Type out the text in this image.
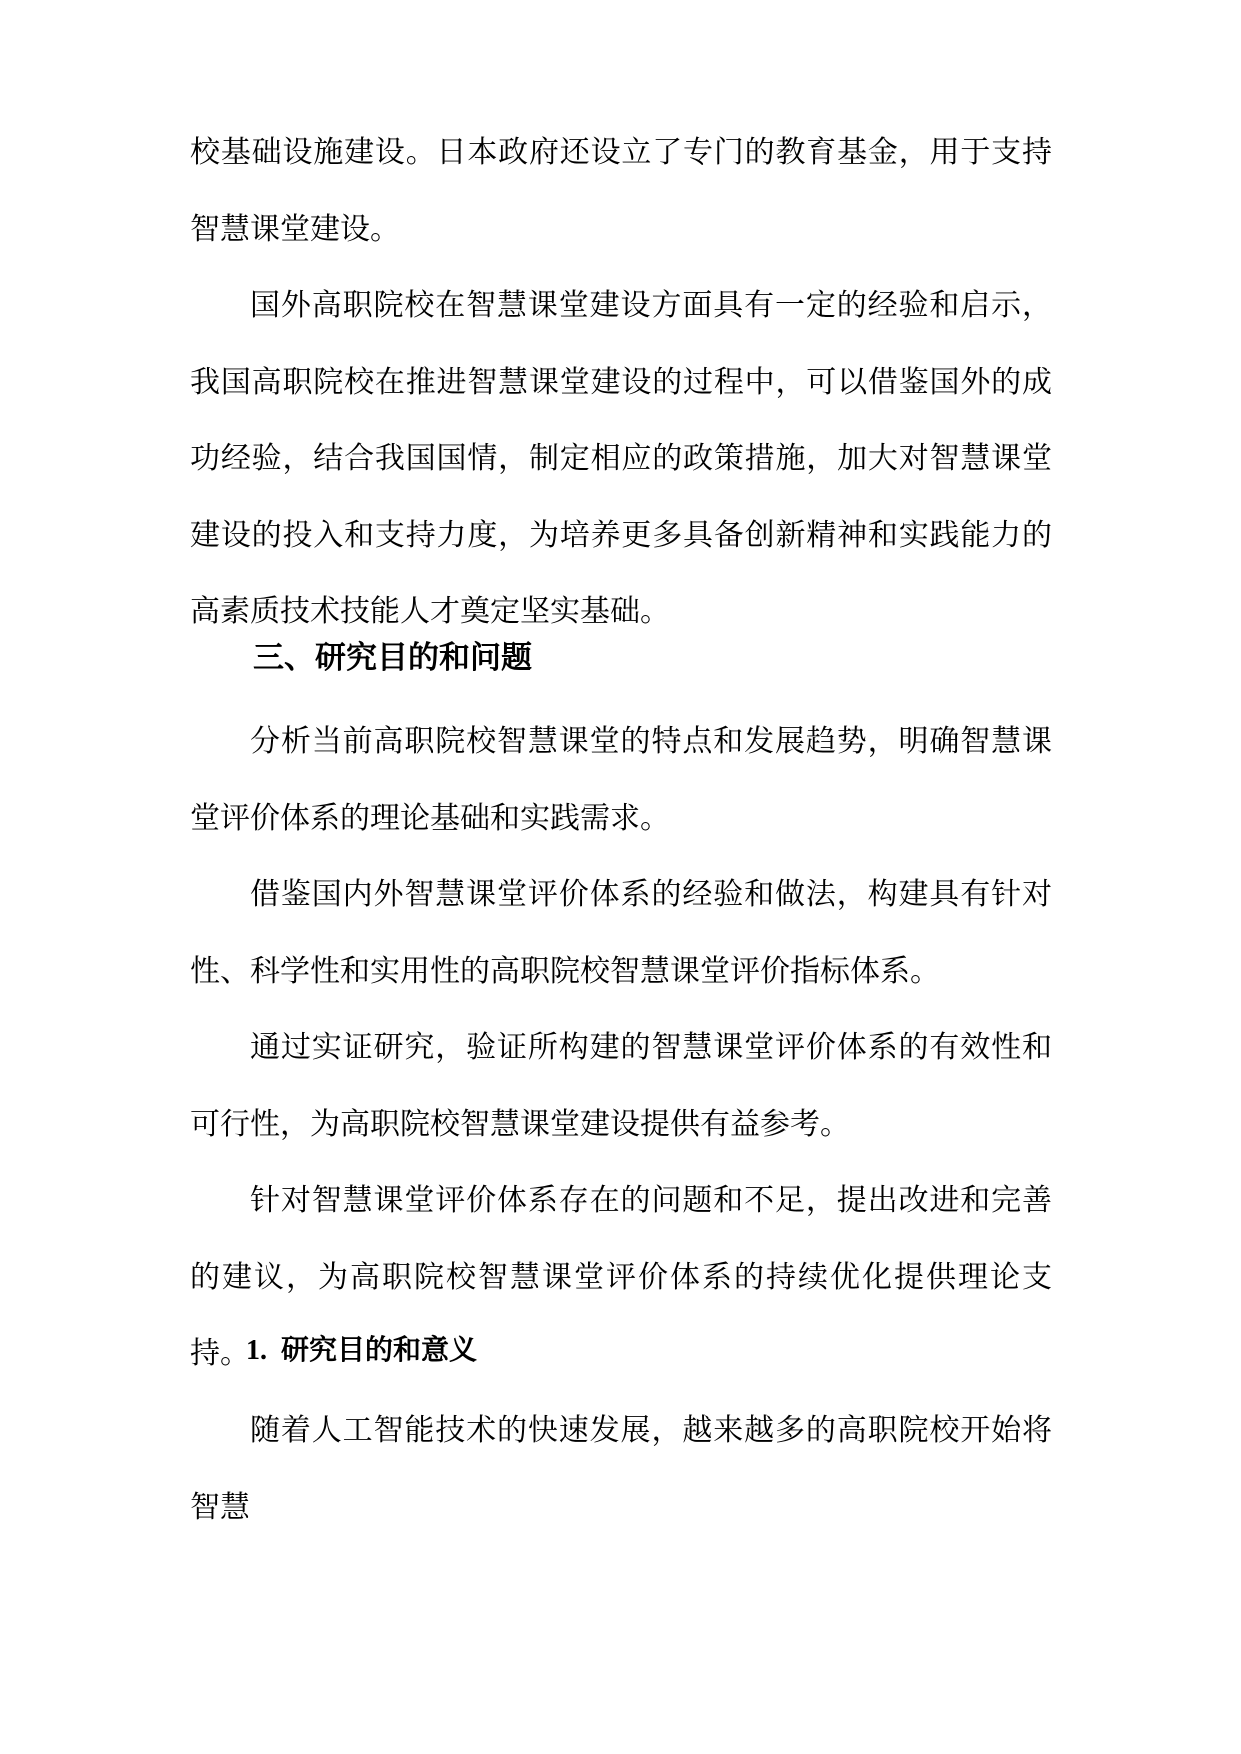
校基础设施建设。日本政府还设立了专门的教育基金，用于支持智慧课堂建设。

国外高职院校在智慧课堂建设方面具有一定的经验和启示，我国高职院校在推进智慧课堂建设的过程中，可以借鉴国外的成功经验，结合我国国情，制定相应的政策措施，加大对智慧课堂建设的投入和支持力度，为培养更多具备创新精神和实践能力的高素质技术技能人才奠定坚实基础。

三、研究目的和问题

分析当前高职院校智慧课堂的特点和发展趋势，明确智慧课堂评价体系的理论基础和实践需求。

借鉴国内外智慧课堂评价体系的经验和做法，构建具有针对性、科学性和实用性的高职院校智慧课堂评价指标体系。

通过实证研究，验证所构建的智慧课堂评价体系的有效性和可行性，为高职院校智慧课堂建设提供有益参考。

针对智慧课堂评价体系存在的问题和不足，提出改进和完善的建议，为高职院校智慧课堂评价体系的持续优化提供理论支持。

1. 研究目的和意义

随着人工智能技术的快速发展，越来越多的高职院校开始将智慧
